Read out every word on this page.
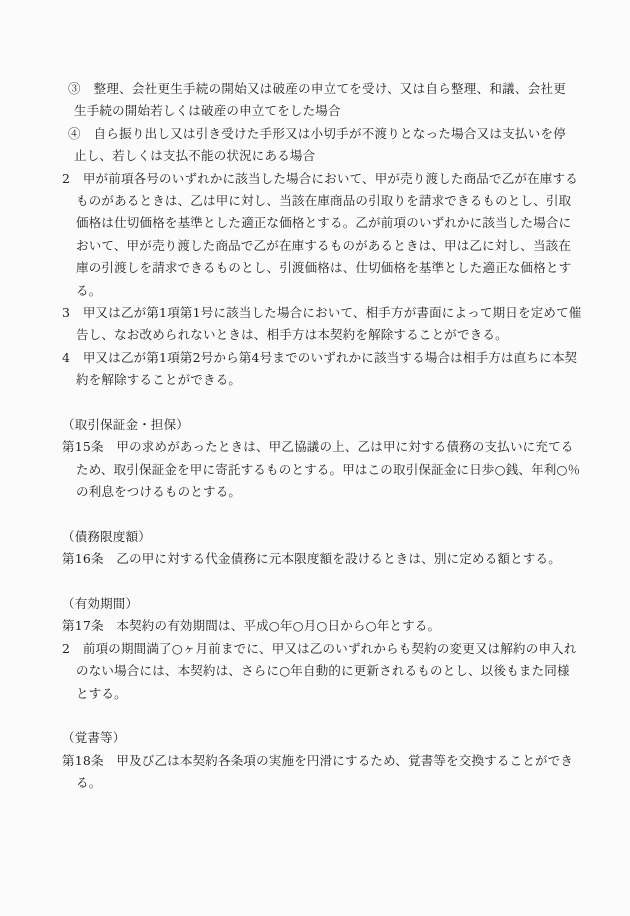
③　整理、会社更生手続の開始又は破産の申立てを受け、又は自ら整理、和議、会社更
生手続の開始若しくは破産の申立てをした場合
④　自ら振り出し又は引き受けた手形又は小切手が不渡りとなった場合又は支払いを停
止し、若しくは支払不能の状況にある場合
2　甲が前項各号のいずれかに該当した場合において、甲が売り渡した商品で乙が在庫する
ものがあるときは、乙は甲に対し、当該在庫商品の引取りを請求できるものとし、引取
価格は仕切価格を基準とした適正な価格とする。乙が前項のいずれかに該当した場合に
おいて、甲が売り渡した商品で乙が在庫するものがあるときは、甲は乙に対し、当該在
庫の引渡しを請求できるものとし、引渡価格は、仕切価格を基準とした適正な価格とす
る。
3　甲又は乙が第1項第1号に該当した場合において、相手方が書面によって期日を定めて催
告し、なお改められないときは、相手方は本契約を解除することができる。
4　甲又は乙が第1項第2号から第4号までのいずれかに該当する場合は相手方は直ちに本契
約を解除することができる。
（取引保証金・担保）
第15条　甲の求めがあったときは、甲乙協議の上、乙は甲に対する債務の支払いに充てる
ため、取引保証金を甲に寄託するものとする。甲はこの取引保証金に日歩○銭、年利○％
の利息をつけるものとする。
（債務限度額）
第16条　乙の甲に対する代金債務に元本限度額を設けるときは、別に定める額とする。
（有効期間）
第17条　本契約の有効期間は、平成○年○月○日から○年とする。
2　前項の期間満了○ヶ月前までに、甲又は乙のいずれからも契約の変更又は解約の申入れ
のない場合には、本契約は、さらに○年自動的に更新されるものとし、以後もまた同様
とする。
（覚書等）
第18条　甲及び乙は本契約各条項の実施を円滑にするため、覚書等を交換することができ
る。
